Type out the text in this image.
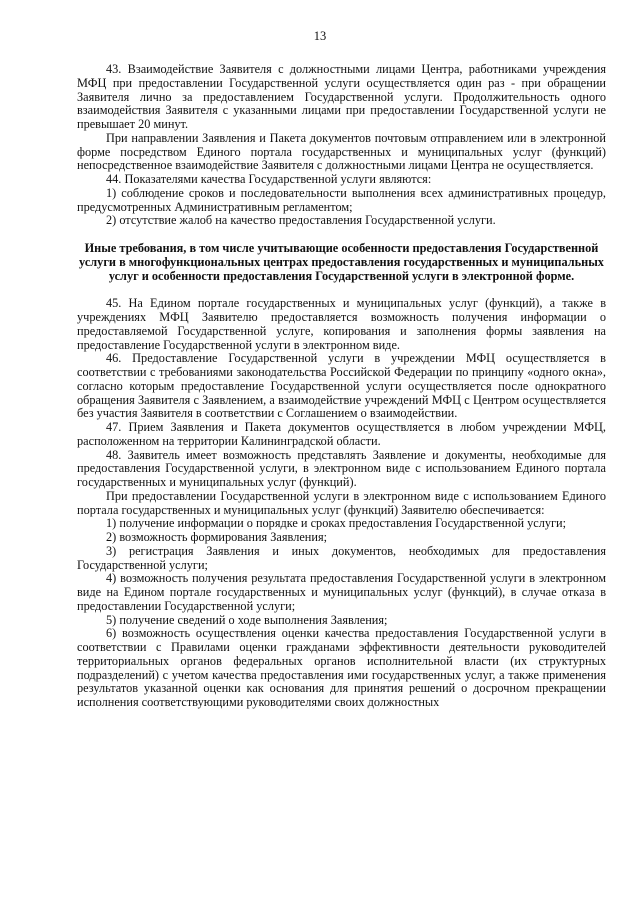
13

43. Взаимодействие Заявителя с должностными лицами Центра, работниками учреждения МФЦ при предоставлении Государственной услуги осуществляется один раз - при обращении Заявителя лично за предоставлением Государственной услуги. Продолжительность одного взаимодействия Заявителя с указанными лицами при предоставлении Государственной услуги не превышает 20 минут.

При направлении Заявления и Пакета документов почтовым отправлением или в электронной форме посредством Единого портала государственных и муниципальных услуг (функций) непосредственное взаимодействие Заявителя с должностными лицами Центра не осуществляется.

44. Показателями качества Государственной услуги являются:

1) соблюдение сроков и последовательности выполнения всех административных процедур, предусмотренных Административным регламентом;

2) отсутствие жалоб на качество предоставления Государственной услуги.

Иные требования, в том числе учитывающие особенности предоставления Государственной услуги в многофункциональных центрах предоставления государственных и муниципальных услуг и особенности предоставления Государственной услуги в электронной форме.

45. На Едином портале государственных и муниципальных услуг (функций), а также в учреждениях МФЦ Заявителю предоставляется возможность получения информации о предоставляемой Государственной услуге, копирования и заполнения формы заявления на предоставление Государственной услуги в электронном виде.

46. Предоставление Государственной услуги в учреждении МФЦ осуществляется в соответствии с требованиями законодательства Российской Федерации по принципу «одного окна», согласно которым предоставление Государственной услуги осуществляется после однократного обращения Заявителя с Заявлением, а взаимодействие учреждений МФЦ с Центром осуществляется без участия Заявителя в соответствии с Соглашением о взаимодействии.

47. Прием Заявления и Пакета документов осуществляется в любом учреждении МФЦ, расположенном на территории Калининградской области.

48. Заявитель имеет возможность представлять Заявление и документы, необходимые для предоставления Государственной услуги, в электронном виде с использованием Единого портала государственных и муниципальных услуг (функций).

При предоставлении Государственной услуги в электронном виде с использованием Единого портала государственных и муниципальных услуг (функций) Заявителю обеспечивается:

1) получение информации о порядке и сроках предоставления Государственной услуги;

2) возможность формирования Заявления;

3) регистрация Заявления и иных документов, необходимых для предоставления Государственной услуги;

4) возможность получения результата предоставления Государственной услуги в электронном виде на Едином портале государственных и муниципальных услуг (функций), в случае отказа в предоставлении Государственной услуги;

5) получение сведений о ходе выполнения Заявления;

6) возможность осуществления оценки качества предоставления Государственной услуги в соответствии с Правилами оценки гражданами эффективности деятельности руководителей территориальных органов федеральных органов исполнительной власти (их структурных подразделений) с учетом качества предоставления ими государственных услуг, а также применения результатов указанной оценки как основания для принятия решений о досрочном прекращении исполнения соответствующими руководителями своих должностных
